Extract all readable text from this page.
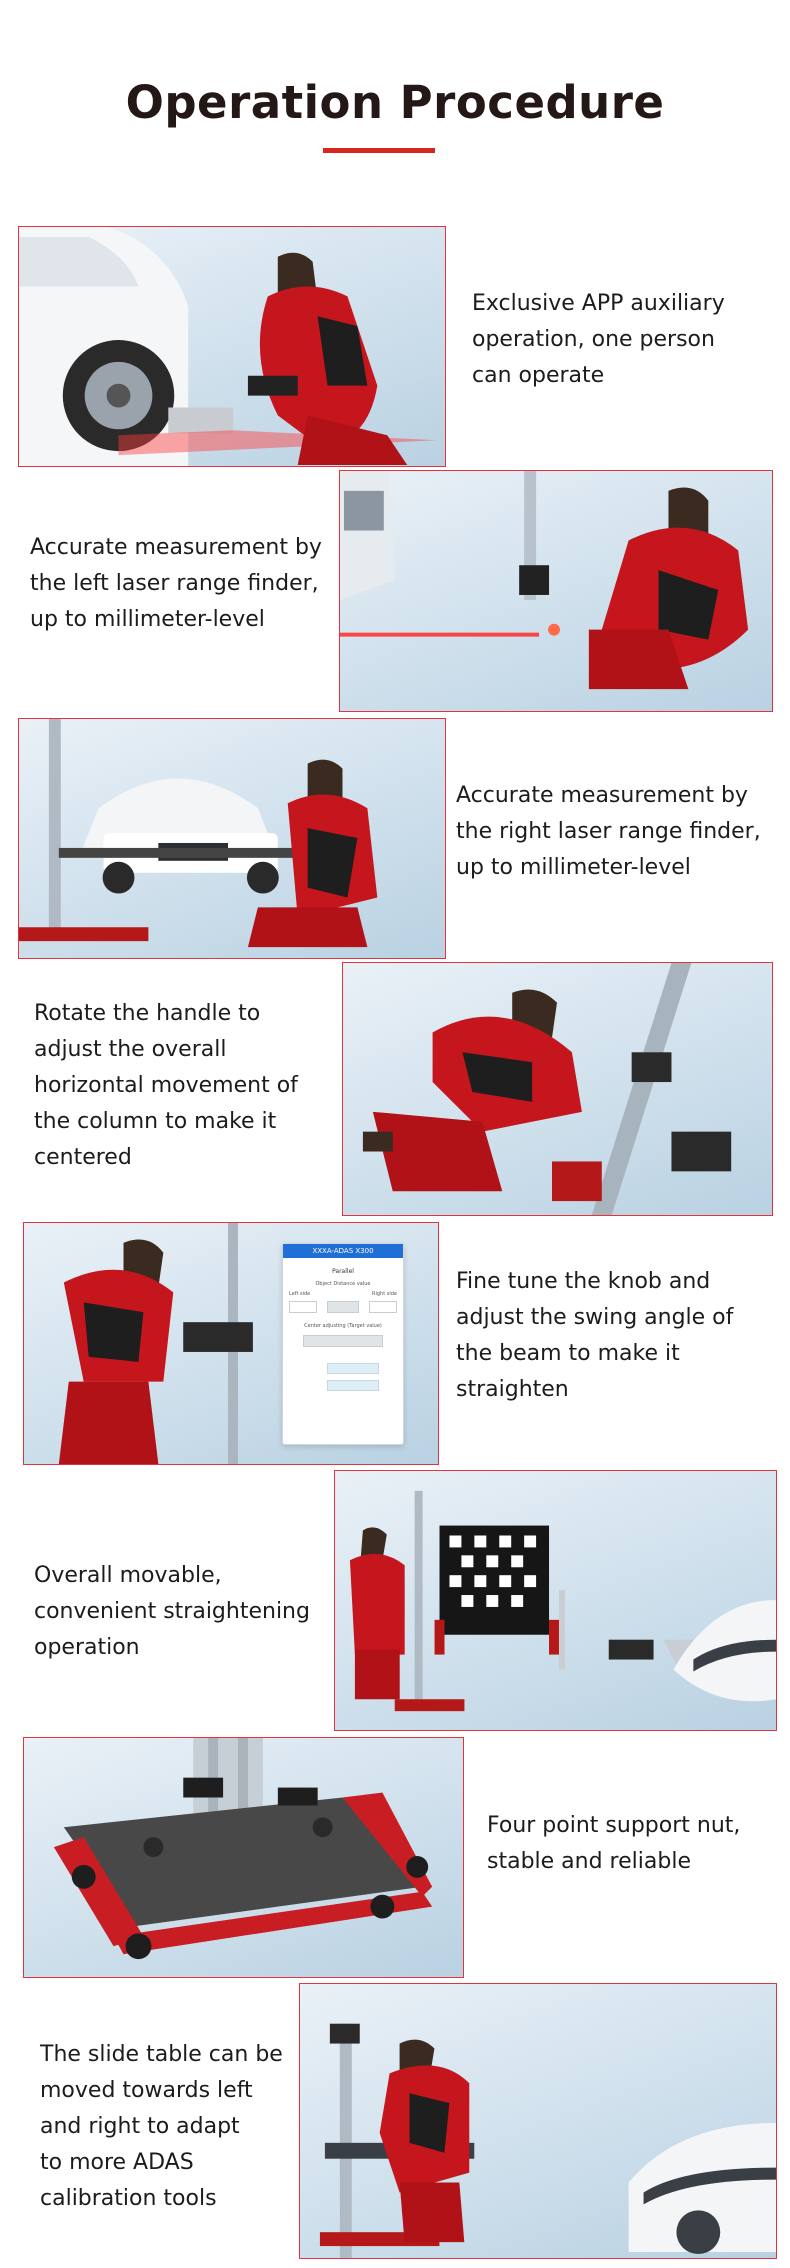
Operation Procedure
Exclusive APP auxiliary
operation, one person
can operate
Accurate measurement by
the left laser range finder,
up to millimeter-level
Accurate measurement by
the right laser range finder,
up to millimeter-level
Rotate the handle to
adjust the overall
horizontal movement of
the column to make it
centered
XXXA-ADAS X300
Parallel
Object Distance value
Left side	Right side
Center adjusting (Target value)
Fine tune the knob and
adjust the swing angle of
the beam to make it
straighten
Overall movable,
convenient straightening
operation
Four point support nut,
stable and reliable
The slide table can be
moved towards left
and right to adapt
to more ADAS
calibration tools
